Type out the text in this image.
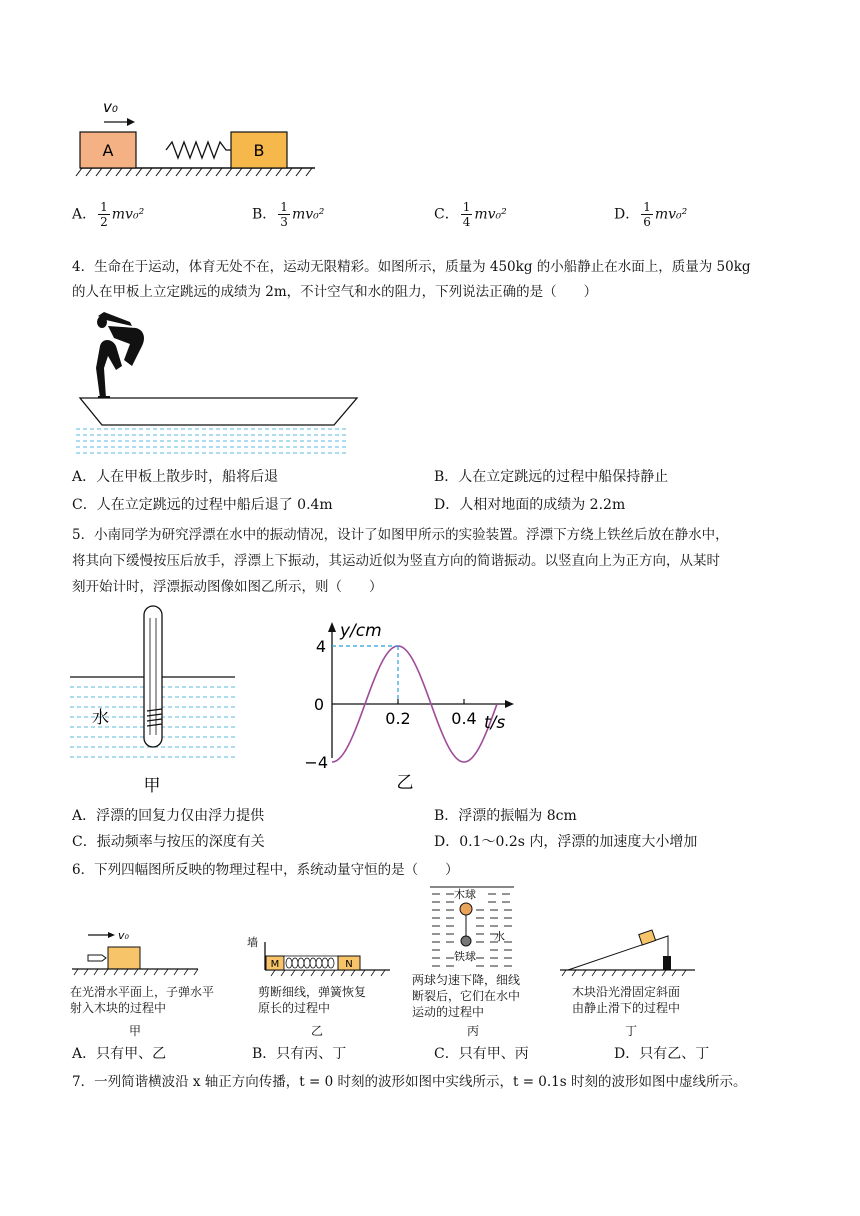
A	B
v₀
A． $\frac{1}{2} mv_0^2$	B． $\frac{1}{3} mv_0^2$	C． $\frac{1}{4} mv_0^2$	D． $\frac{1}{6} mv_0^2$
4．生命在于运动，体育无处不在，运动无限精彩。如图所示，质量为 450kg 的小船静止在水面上，质量为 50kg
的人在甲板上立定跳远的成绩为 2m，不计空气和水的阻力，下列说法正确的是（　　）
A．人在甲板上散步时，船将后退	B．人在立定跳远的过程中船保持静止
C．人在立定跳远的过程中船后退了 0.4m	D．人相对地面的成绩为 2.2m
5．小南同学为研究浮漂在水中的振动情况，设计了如图甲所示的实验装置。浮漂下方绕上铁丝后放在静水中，
将其向下缓慢按压后放手，浮漂上下振动，其运动近似为竖直方向的简谐振动。以竖直向上为正方向，从某时
刻开始计时，浮漂振动图像如图乙所示，则（　　）
水
甲
4
0
−4
0.2	0.4
y/cm
t/s
乙
A．浮漂的回复力仅由浮力提供	B．浮漂的振幅为 8cm
C．振动频率与按压的深度有关	D．0.1～0.2s 内，浮漂的加速度大小增加
6．下列四幅图所反映的物理过程中，系统动量守恒的是（　　）
v₀
在光滑水平面上，子弹水平
射入木块的过程中
甲
墙
M	N
剪断细线，弹簧恢复
原长的过程中
乙
木球
水
铁球
两球匀速下降，细线
断裂后，它们在水中
运动的过程中
丙
木块沿光滑固定斜面
由静止滑下的过程中
丁
A．只有甲、乙	B．只有丙、丁	C．只有甲、丙	D．只有乙、丁
7．一列简谐横波沿 x 轴正方向传播，t = 0 时刻的波形如图中实线所示，t = 0.1s 时刻的波形如图中虚线所示。
